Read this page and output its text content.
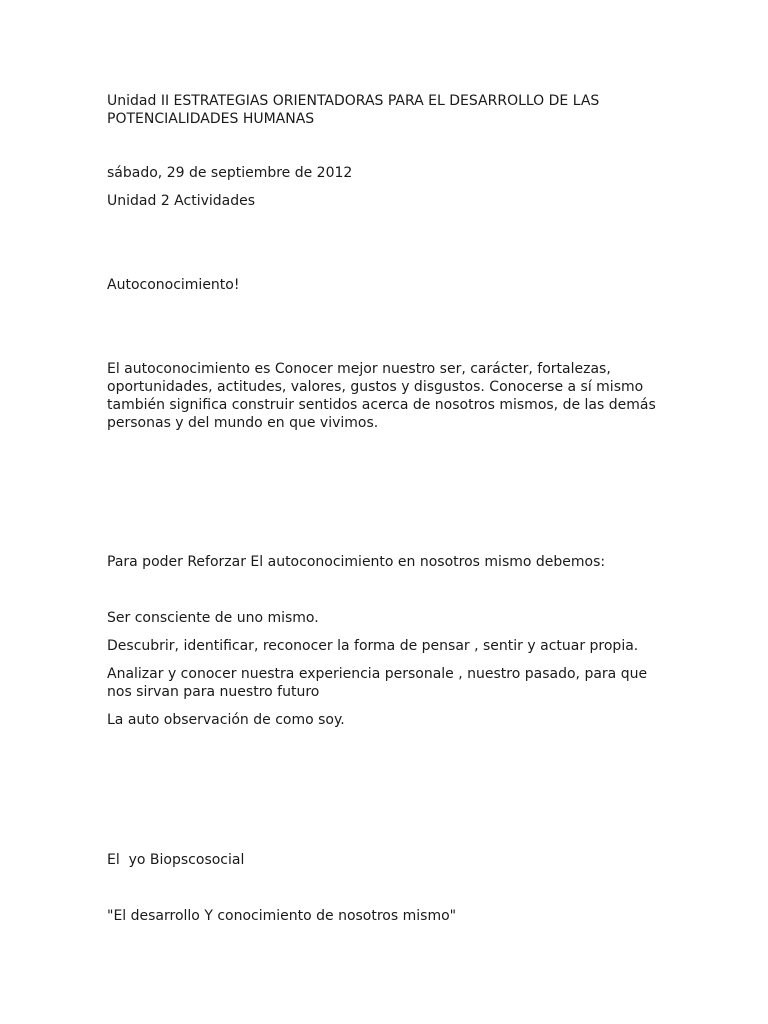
Unidad II ESTRATEGIAS ORIENTADORAS PARA EL DESARROLLO DE LAS

POTENCIALIDADES HUMANAS

sábado, 29 de septiembre de 2012

Unidad 2 Actividades

Autoconocimiento!

El autoconocimiento es Conocer mejor nuestro ser, carácter, fortalezas,

oportunidades, actitudes, valores, gustos y disgustos. Conocerse a sí mismo

también significa construir sentidos acerca de nosotros mismos, de las demás

personas y del mundo en que vivimos.

Para poder Reforzar El autoconocimiento en nosotros mismo debemos:

Ser consciente de uno mismo.

Descubrir, identificar, reconocer la forma de pensar , sentir y actuar propia.

Analizar y conocer nuestra experiencia personale , nuestro pasado, para que

nos sirvan para nuestro futuro

La auto observación de como soy.

El  yo Biopscosocial

"El desarrollo Y conocimiento de nosotros mismo"
